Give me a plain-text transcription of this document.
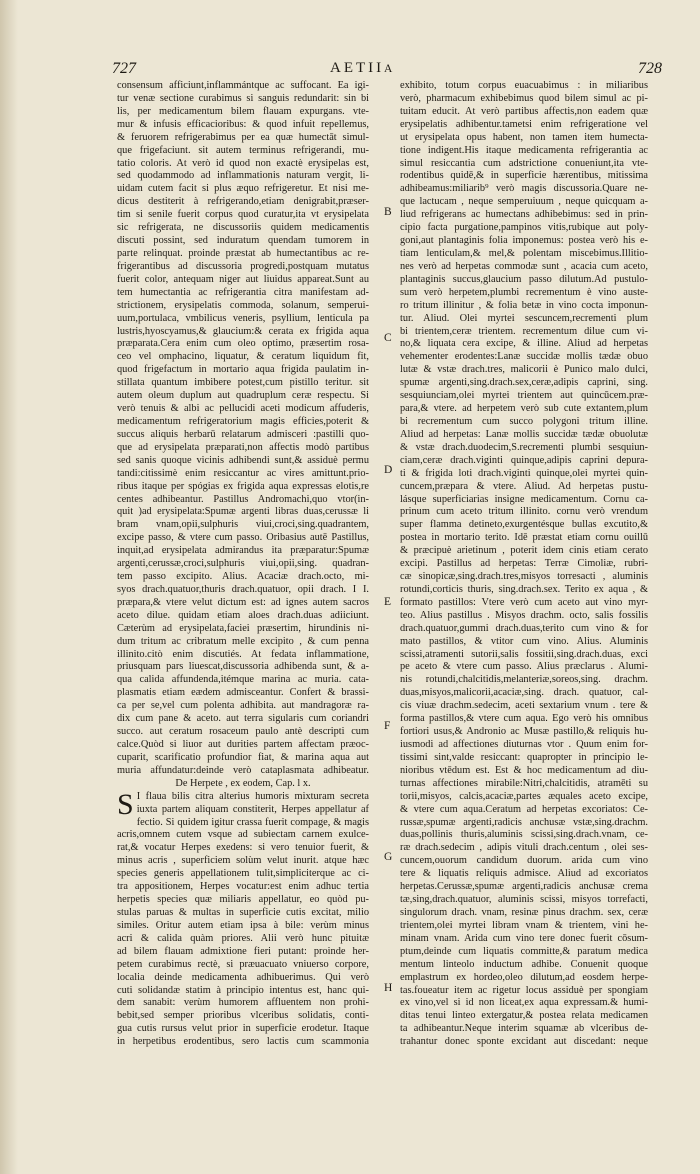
727	AETII	728
consensum afficiunt,inflammántque ac suffocant. Ea igi-
tur venæ sectione curabimus si sanguis redundarit: sin bi
lis, per medicamentum bilem flauam expurgans. vte-
mur & infusis efficacioribus: & quod infuit repellemus,
& feruorem refrigerabimus per ea quæ humectāt simul-
que frigefaciunt. sit autem terminus refrigerandi, mu-
tatio coloris. At verò id quod non exactè erysipelas est,
sed quodammodo ad inflammationis naturam vergit, li-
uidam cutem facit si plus æquo refrigeretur. Et nisi me-
dicus destiterit à refrigerando,etiam denigrabit,præser-
tim si senile fuerit corpus quod curatur,ita vt erysipelata
sic refrigerata, ne discussoriis quidem medicamentis
discuti possint, sed induratum quendam tumorem in
parte relinquat. proinde præstat ab humectantibus ac re-
frigerantibus ad discussoria progredi,postquam mutatus
fuerit color, antequam niger aut liuidus appareat.Sunt au
tem humectantia ac refrigerantia citra manifestam ad-
strictionem, erysipelatis commoda, solanum, semperui-
uum,portulaca, vmbilicus veneris, psyllium, lenticula pa
lustris,hyoscyamus,& glaucium:& cerata ex frigida aqua
præparata.Cera enim cum oleo optimo, præsertim rosa-
ceo vel omphacino, liquatur, & ceratum liquidum fit,
quod frigefactum in mortario aqua frigida paulatim in-
stillata quantum imbibere potest,cum pistillo teritur. sit
autem oleum duplum aut quadruplum ceræ respectu. Si
verò tenuis & albi ac pellucidi aceti modicum affuderis,
medicamentum refrigeratorium magis efficies,poterit &
succus aliquis herbarū relatarum admisceri :pastilli quo-
que ad erysipelata præparati,non affectis modò partibus
sed sanis quoque vicinis adhibendi sunt,& assiduè permu
tandi:citissimè enim resiccantur ac vires amittunt.prio-
ribus itaque per spógias ex frigida aqua expressas elotis,re
centes adhibeantur. Pastillus Andromachi,quo vtor(in-
quit )ad erysipelata:Spumæ argenti libras duas,cerussæ li
bram vnam,opii,sulphuris viui,croci,sing.quadrantem,
excipe passo, & vtere cum passo. Oribasius autē Pastillus,
inquit,ad erysipelata admirandus ita præparatur:Spumæ
argenti,cerussæ,croci,sulphuris viui,opii,sing. quadran-
tem passo excipito. Alius. Acaciæ drach.octo, mi-
syos drach.quatuor,thuris drach.quatuor, opii drach. I I.
præpara,& vtere velut dictum est: ad ignes autem sacros
aceto dilue. quidam etiam aloes drach.duas adiiciunt.
Cæterùm ad erysipelata,faciei præsertim, hirundinis ni-
dum tritum ac cribratum melle excipito , & cum penna
illinito.citò enim discutiés. At fedata inflammatione,
priusquam pars liuescat,discussoria adhibenda sunt, & a-
qua calida affundenda,itémque marina ac muria. cata-
plasmatis etiam eædem admisceantur. Confert & brassi-
ca per se,vel cum polenta adhibita. aut mandragoræ ra-
dix cum pane & aceto. aut terra sigularis cum coriandri
succo. aut ceratum rosaceum paulo antè descripti cum
calce.Quòd si liuor aut durities partem affectam præoc-
cuparit, scarificatio profundior fiat, & marina aqua aut
muria affundatur:deinde verò cataplasmata adhibeatur.
De Herpete , ex eodem, Cap. l x.
S I flaua bilis citra alterius humoris mixturam secreta
iuxta partem aliquam constiterit, Herpes appellatur af
fectio. Si quidem igitur crassa fuerit compage, & magis
acris,omnem cutem vsque ad subiectam carnem exulce-
rat,& vocatur Herpes exedens: si vero tenuior fuerit, &
minus acris , superficiem solùm velut inurit. atque hæc
species generis appellationem tulit,simpliciterque ac ci-
tra appositionem, Herpes vocatur:est enim adhuc tertia
herpetis species quæ miliaris appellatur, eo quòd pu-
stulas paruas & multas in superficie cutis excitat, milio
similes. Oritur autem etiam ipsa à bile: verùm minus
acri & calida quàm priores. Alii verò hunc pituitæ
ad bilem flauam admixtione fieri putant: proinde her-
petem curabimus rectè, si præuacuato vniuerso corpore,
localia deinde medicamenta adhibuerimus. Qui verò
cuti solidandæ statim à principio intentus est, hanc qui-
dem sanabit: verùm humorem affluentem non prohi-
bebit,sed semper prioribus vlceribus solidatis, conti-
gua cutis rursus velut prior in superficie erodetur. Itaque
in herpetibus erodentibus, sero lactis cum scammonia
exhibito, totum corpus euacuabimus : in miliaribus
verò, pharmacum exhibebimus quod bilem simul ac pi-
tuitam educit. At verò partibus affectis,non eadem quæ
erysipelatis adhibentur.tametsi enim refrigeratione vel
ut erysipelata opus habent, non tamen item humecta-
tione indigent.His itaque medicamenta refrigerantia ac
simul resiccantia cum adstrictione conueniunt,ita vte-
rodentibus quidē,& in superficie hærentibus, mitissima
adhibeamus:miliarib⁹ verò magis discussoria.Quare ne-
que lactucam , neque semperuiuum , neque quicquam a-
liud refrigerans ac humectans adhibebimus: sed in prin-
cipio facta purgatione,pampinos vitis,rubique aut poly-
goni,aut plantaginis folia imponemus: postea verò his e-
tiam lenticulam,& mel,& polentam miscebimus.Illitio-
nes verò ad herpetas commodæ sunt , acacia cum aceto,
plantaginis succus,glaucium passo dilutum.Ad pustulo-
sum verò herpetem,plumbi recrementum è vino auste-
ro tritum illinitur , & folia betæ in vino cocta imponun-
tur. Aliud. Olei myrtei sescuncem,recrementi plum
bi trientem,ceræ trientem. recrementum dilue cum vi-
no,& liquata cera excipe, & illine. Aliud ad herpetas
vehementer erodentes:Lanæ succidæ mollis tædæ obuo
lutæ & vstæ drach.tres, malicorii è Punico malo dulci,
spumæ argenti,sing.drach.sex,ceræ,adipis caprini, sing.
sesquiunciam,olei myrtei trientem aut quincūcem.præ-
para,& vtere. ad herpetem verò sub cute extantem,plum
bi recrementum cum succo polygoni tritum illine.
Aliud ad herpetas: Lanæ mollis succidæ tædæ obuolutæ
& vstæ drach.duodecim,S.recrementi plumbi sesquiun-
ciam,ceræ drach.viginti quinque,adipis caprini depura-
ti & frigida loti drach.viginti quinque,olei myrtei quin-
cuncem,præpara & vtere. Aliud. Ad herpetas pustu-
lásque superficiarias insigne medicamentum. Cornu ca-
prinum cum aceto tritum illinito. cornu verò vrendum
super flamma detineto,exurgentésque bullas excutito,&
postea in mortario terito. Idē præstat etiam cornu ouillū
& præcipuè arietinum , poterit idem cinis etiam cerato
excipi. Pastillus ad herpetas: Terræ Cimoliæ, rubri-
cæ sinopicæ,sing.drach.tres,misyos torresacti , aluminis
rotundi,corticis thuris, sing.drach.sex. Terito ex aqua , &
formato pastillos: Vtere verò cum aceto aut vino myr-
teo. Alius pastillus . Misyos drachm. octo, salis fossilis
drach.quatuor,gummi drach.duas,terito cum vino & for
mato pastillos, & vtitor cum vino. Alius. Aluminis
scissi,atramenti sutorii,salis fossitii,sing.drach.duas, exci
pe aceto & vtere cum passo. Alius præclarus . Alumi-
nis rotundi,chalcitidis,melanteriæ,soreos,sing. drachm.
duas,misyos,malicorii,acaciæ,sing. drach. quatuor, cal-
cis viuæ drachm.sedecim, aceti sextarium vnum . tere &
forma pastillos,& vtere cum aqua. Ego verò his omnibus
fortiori usus,& Andronio ac Musæ pastillo,& reliquis hu-
iusmodi ad affectiones diuturnas vtor . Quum enim for-
tissimi sint,valde resiccant: quapropter in principio le-
nioribus vtēdum est. Est & hoc medicamentum ad diu-
turnas affectiones mirabile:Nitri,chalcitidis, atramēti su
torii,misyos, calcis,acaciæ,partes æquales aceto excipe,
& vtere cum aqua.Ceratum ad herpetas excoriatos: Ce-
russæ,spumæ argenti,radicis anchusæ vstæ,sing.drachm.
duas,pollinis thuris,aluminis scissi,sing.drach.vnam, ce-
ræ drach.sedecim , adipis vituli drach.centum , olei ses-
cuncem,ouorum candidum duorum. arida cum vino
tere & liquatis reliquis admisce. Aliud ad excoriatos
herpetas.Cerussæ,spumæ argenti,radicis anchusæ crema
tæ,sing,drach.quatuor, aluminis scissi, misyos torrefacti,
singulorum drach. vnam, resinæ pinus drachm. sex, ceræ
trientem,olei myrtei libram vnam & trientem, vini he-
minam vnam. Arida cum vino tere donec fuerit cōsum-
ptum,deinde cum liquatis committe,& paratum medica
mentum linteolo inductum adhibe. Conuenit quoque
emplastrum ex hordeo,oleo dilutum,ad eosdem herpe-
tas.foueatur item ac rigetur locus assiduè per spongiam
ex vino,vel si id non liceat,ex aqua expressam.& humi-
ditas tenui linteo extergatur,& postea relata medicamen
ta adhibeantur.Neque interim squamæ ab vlceribus de-
trahantur donec sponte excidant aut discedant: neque
A
B
C
D
E
F
G
H
